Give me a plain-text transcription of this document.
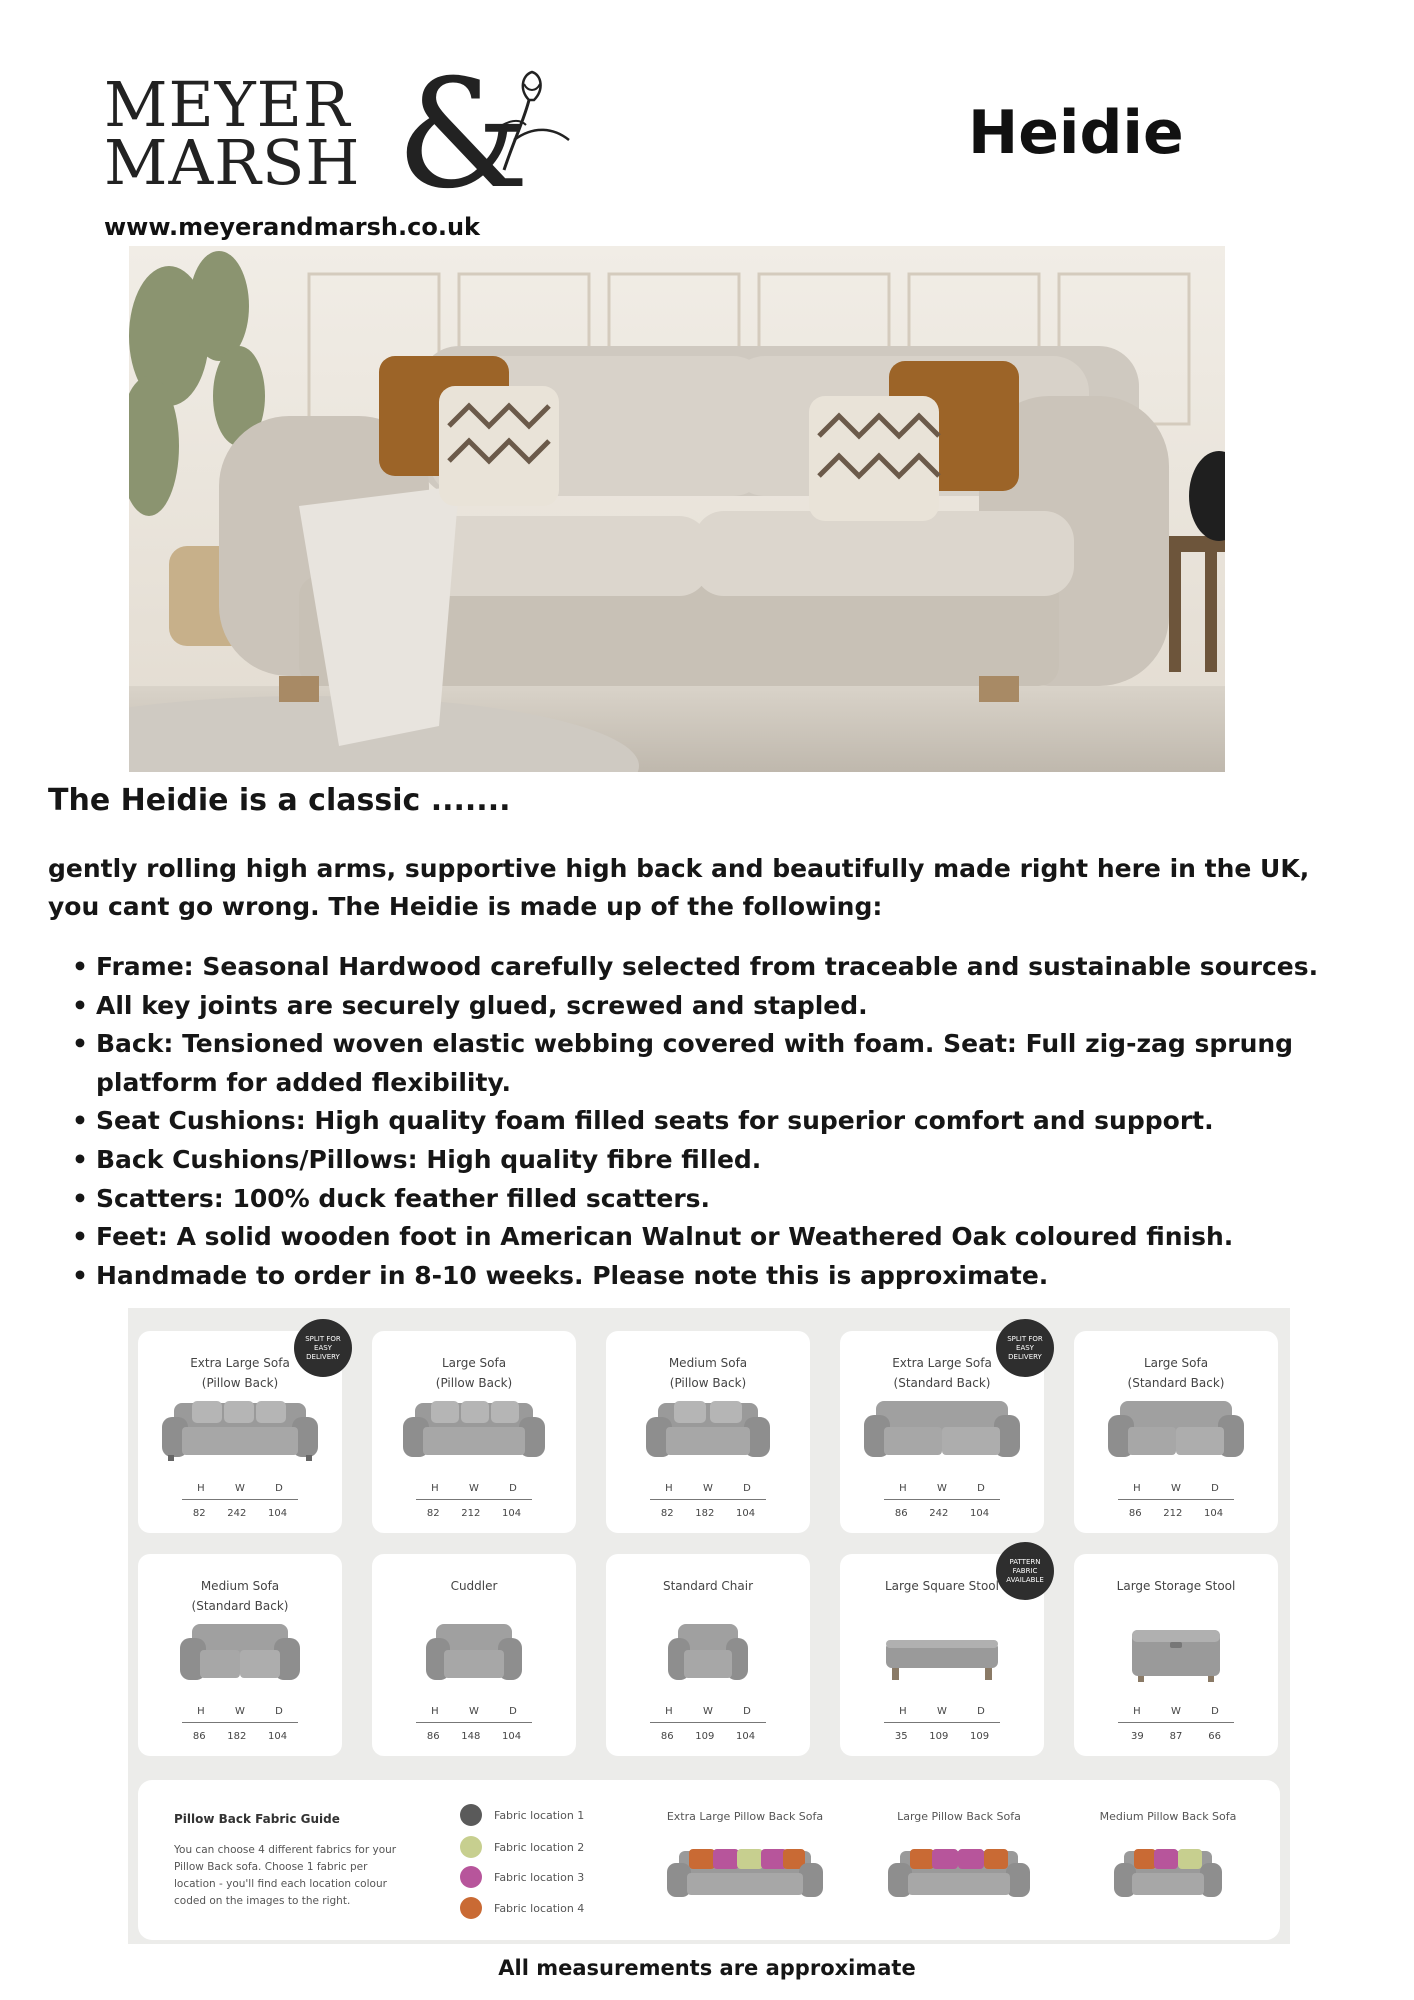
MEYER
MARSH &
www.meyerandmarsh.co.uk
Heidie
The Heidie is a classic .......
gently rolling high arms, supportive high back and beautifully made right here in the UK, you cant go wrong. The Heidie is made up of the following:
• Frame: Seasonal Hardwood carefully selected from traceable and sustainable sources.
• All key joints are securely glued, screwed and stapled.
• Back: Tensioned woven elastic webbing covered with foam. Seat: Full zig-zag sprung platform for added flexibility.
• Seat Cushions: High quality foam filled seats for superior comfort and support.
• Back Cushions/Pillows: High quality fibre filled.
• Scatters: 100% duck feather filled scatters.
• Feet: A solid wooden foot in American Walnut or Weathered Oak coloured finish.
• Handmade to order in 8-10 weeks. Please note this is approximate.
Extra Large Sofa
(Pillow Back)
H	W	D
82 242 104
SPLIT FOR EASY DELIVERY	Large Sofa
(Pillow Back)
H	W	D
82 212 104
Medium Sofa
(Pillow Back)
H	W	D
82 182 104
Extra Large Sofa
(Standard Back)
H	W	D
86 242 104
SPLIT FOR EASY DELIVERY	Large Sofa
(Standard Back)
H	W	D
86 212 104
Medium Sofa
(Standard Back)
H	W	D
86 182 104
Cuddler
H	W	D
86 148 104
Standard Chair
H	W	D
86 109 104
Large Square Stool
H	W	D
35 109 109
PATTERN FABRIC AVAILABLE	Large Storage Stool
H	W	D
39	87	66
Pillow Back Fabric Guide
You can choose 4 different fabrics for your Pillow Back sofa. Choose 1 fabric per location - you'll find each location colour coded on the images to the right.
Fabric location 1
Fabric location 2
Fabric location 3
Fabric location 4
Extra Large Pillow Back Sofa	Large Pillow Back Sofa	Medium Pillow Back Sofa
All measurements are approximate
